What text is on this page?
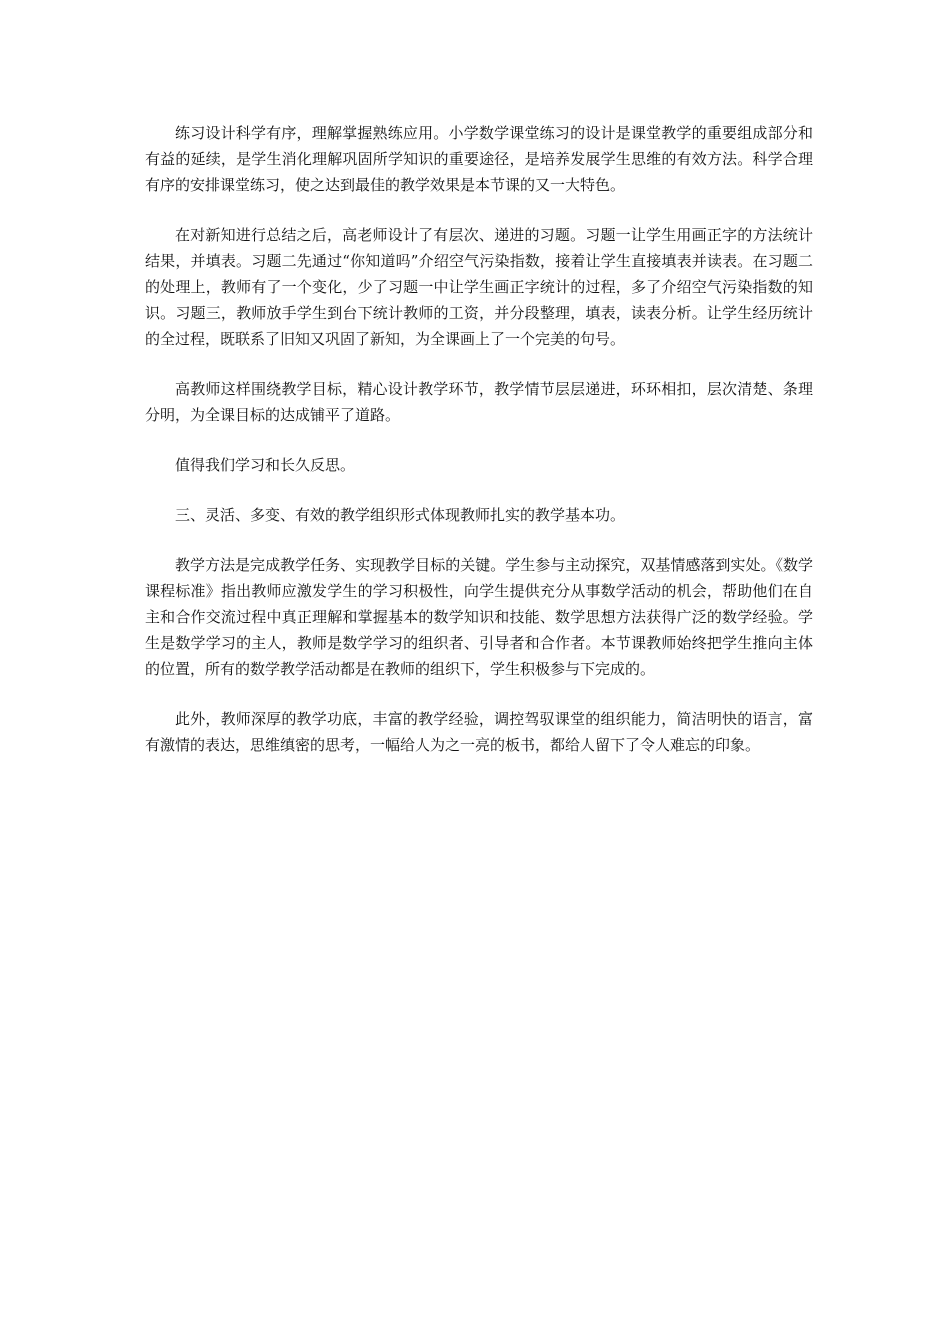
练习设计科学有序，理解掌握熟练应用。小学数学课堂练习的设计是课堂教学的重要组成部分和有益的延续，是学生消化理解巩固所学知识的重要途径，是培养发展学生思维的有效方法。科学合理有序的安排课堂练习，使之达到最佳的教学效果是本节课的又一大特色。

在对新知进行总结之后，高老师设计了有层次、递进的习题。习题一让学生用画正字的方法统计结果，并填表。习题二先通过“你知道吗”介绍空气污染指数，接着让学生直接填表并读表。在习题二的处理上，教师有了一个变化，少了习题一中让学生画正字统计的过程，多了介绍空气污染指数的知识。习题三，教师放手学生到台下统计教师的工资，并分段整理，填表，读表分析。让学生经历统计的全过程，既联系了旧知又巩固了新知，为全课画上了一个完美的句号。

高教师这样围绕教学目标，精心设计教学环节，教学情节层层递进，环环相扣，层次清楚、条理分明，为全课目标的达成铺平了道路。

值得我们学习和长久反思。

三、灵活、多变、有效的教学组织形式体现教师扎实的教学基本功。

教学方法是完成教学任务、实现教学目标的关键。学生参与主动探究，双基情感落到实处。《数学课程标准》指出教师应激发学生的学习积极性，向学生提供充分从事数学活动的机会，帮助他们在自主和合作交流过程中真正理解和掌握基本的数学知识和技能、数学思想方法获得广泛的数学经验。学生是数学学习的主人，教师是数学学习的组织者、引导者和合作者。本节课教师始终把学生推向主体的位置，所有的数学教学活动都是在教师的组织下，学生积极参与下完成的。

此外，教师深厚的教学功底，丰富的教学经验，调控驾驭课堂的组织能力，简洁明快的语言，富有激情的表达，思维缜密的思考，一幅给人为之一亮的板书，都给人留下了令人难忘的印象。
